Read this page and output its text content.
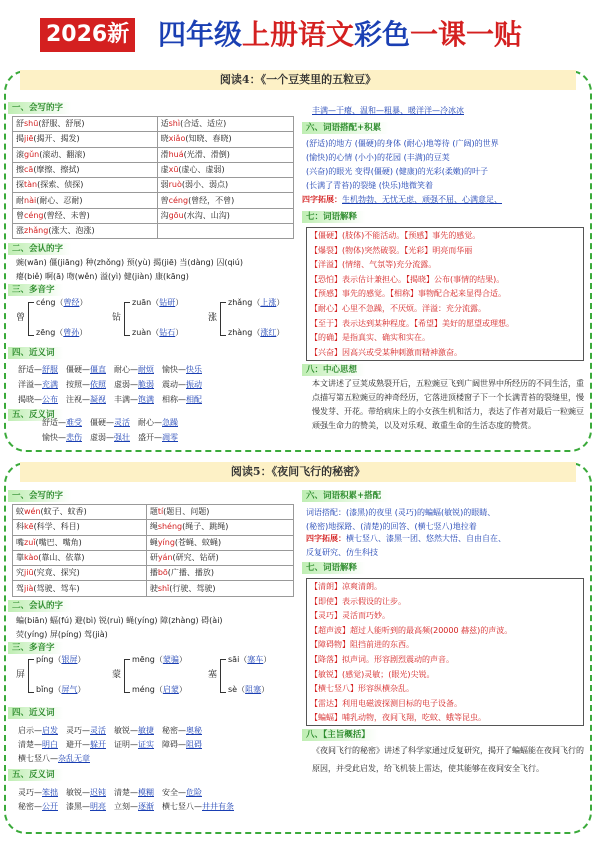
2026新 四年级上册语文彩色一课一贴
阅读4：《一个豆荚里的五粒豆》
一、会写的字
舒shū(舒服、舒展)	适shì(合适、适应)
揭jiē(揭开、揭发)	晓xiǎo(知晓、春晓)
滚gǔn(滚动、翻滚)	滑huá(光滑、滑倒)
擦cā(摩擦、擦拭)	虚xū(虚心、虚弱)
探tàn(探索、侦探)	弱ruò(弱小、弱点)
耐nài(耐心、忍耐)	曾céng(曾经，不曾)
曾céng(曾经、未曾)	沟gōu(水沟、山沟)
涨zhǎng(涨大、泡涨)	
二、会认的字
豌(wān) 僵(jiāng) 种(zhǒng) 预(yù) 揭(jiē) 当(dàng) 囚(qiú)
瘪(biě) 啊(ā) 吻(wěn) 溢(yì) 健(jiàn) 康(kāng)
三、多音字
曾
céng（曾经）
zēng（曾孙）
钻
zuān（钻研）
zuàn（钻石）
涨
zhǎng（上涨）
zhàng（涨红）
四、近义词
舒适—舒服 僵硬—僵直 耐心—耐烦 愉快—快乐
洋溢—充满 按照—依照 虚弱—脆弱 震动—振动
揭晓—公布 注视—凝视 丰满—饱满 相称—相配
五、反义词
舒适—难受 僵硬—灵活 耐心—急躁
愉快—悲伤 虚弱—强壮 盛开—凋零
丰满—干瘪、温和—粗暴、暖洋洋—冷冰冰
六、词语搭配+积累
(舒适)的地方 (僵硬)的身体 (耐心)地等待 (广阔)的世界
(愉快)的心情 (小小)的花园 (丰满)的豆荚
(兴奋)的眼光 变得(僵硬) (健康)的光彩(柔嫩)的叶子
(长满了青苔)的裂缝 (快乐)地微笑着
四字拓展：生机勃勃、无忧无虑、顽强不屈、心满意足、
七：词语解释
【僵硬】(肢体)不能活动。【预感】事先的感觉。
【爆裂】(物体)突然破裂。【光彩】明亮而华丽
【洋溢】(情绪、气氛等)充分流露。
【恐怕】表示估计兼担心。【揭晓】公布(事情的结果)。
【预感】事先的感觉。【相称】事物配合起来显得合适。
【耐心】心里不急躁，不厌烦。洋溢：充分流露。
【至于】表示达到某种程度。【希望】美好的愿望或理想。
【的确】是指真实、确实和实在。
【兴奋】因高兴或受某种刺激而精神激奋。
八：中心思想
本文讲述了豆荚成熟裂开后，五粒豌豆飞到广阔世界中所经历的不同生活，重点描写第五粒豌豆的神奇经历，它落进顶楼窗子下一个长满青苔的裂缝里，慢慢发芽、开花。带给病床上的小女孩生机和活力，表达了作者对最后一粒豌豆顽强生命力的赞美，以及对乐观、敢重生命的生活态度的赞赏。
阅读5：《夜间飞行的秘密》
一、会写的字
蚊wén(蚊子、蚊香)	题tí(题目、问题)
科kē(科学、科目)	绳shéng(绳子、跳绳)
嘴zuǐ(嘴巴、嘴角)	蝇yíng(苍蝇、蚊蝇)
靠kào(靠山、依靠)	研yán(研究、钻研)
究jiū(究竟、探究)	播bō(广播、播放)
驾jià(驾驶、驾车)	驶shǐ(行驶、驾驶)
二、会认的字
蝙(biān) 蝠(fú) 避(bì) 锐(ruì) 蝇(yíng) 障(zhàng) 碍(ài)
荧(yíng) 屏(píng) 驾(jià)
三、多音字
屏
píng（银屏）
bǐng（屏气）
蒙
mēng（蒙骗）
méng（启蒙）
塞
sāi（塞车）
sè（阻塞）
四、近义词
启示—启发 灵巧—灵活 敏锐—敏捷 秘密—奥秘
清楚—明白 避开—躲开 证明—证实 障碍—阻碍
横七竖八—杂乱无章
五、反义词
灵巧—笨拙 敏锐—迟钝 清楚—模糊 安全—危险
秘密—公开 漆黑—明亮 立刻—逐渐 横七竖八—井井有条
六、词语积累+搭配
词语搭配：(漆黑)的夜里 (灵巧)的蝙蝠(敏锐)的眼睛、
(秘密)地探路、(清楚)的回答、(横七竖八)地拉着
四字拓展：横七竖八、漆黑一团、悠然大悟、自由自在、
反复研究、仿生科技
七、词语解释
【清朗】凉爽清朗。
【即使】表示假设的让步。
【灵巧】灵活而巧妙。
【超声波】超过人能听到的最高频(20000 赫兹)的声波。
【障碍物】阻挡前进的东西。
【降落】拟声词。形容剧烈震动的声音。
【敏锐】(感觉)灵敏；(眼光)尖锐。
【横七竖八】形容纵横杂乱。
【雷达】利用电磁波探测目标的电子设备。
【蝙蝠】哺乳动物，夜间飞翔，吃蚊、蛾等昆虫。
八、【主旨概括】
《夜间飞行的秘密》讲述了科学家通过反复研究，揭开了蝙蝠能在夜间飞行的原因，并受此启发，给飞机装上雷达，使其能够在夜间安全飞行。
